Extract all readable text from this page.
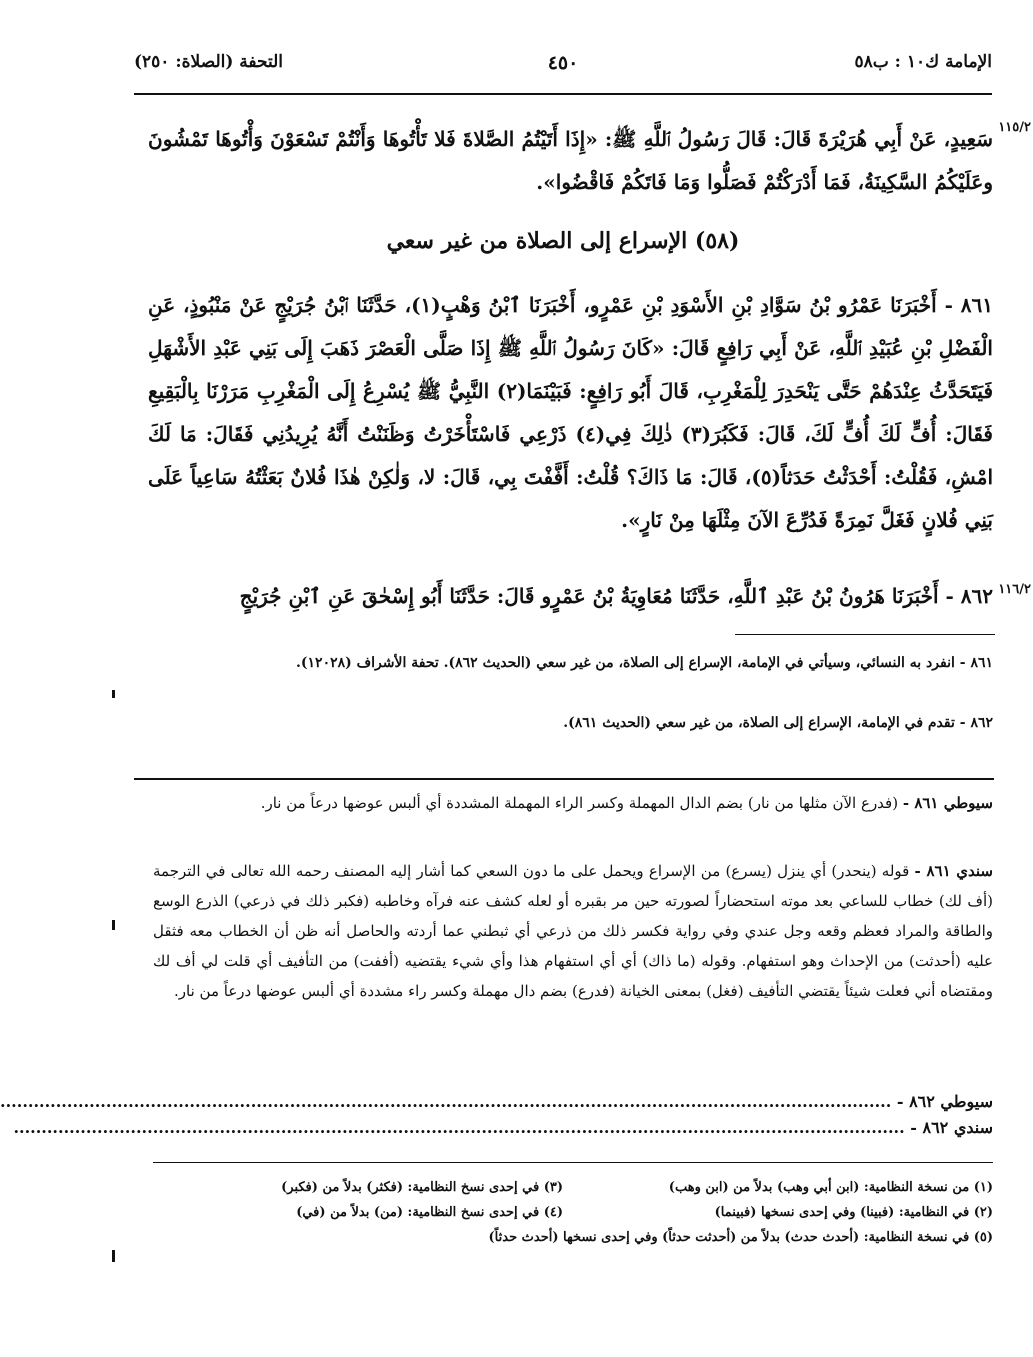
الإمامة ك١٠ : ب٥٨
٤٥٠
التحفة (الصلاة: ٢٥٠)
١١٥/٢
١١٦/٢
سَعِيدٍ، عَنْ أَبِي هُرَيْرَةَ قَالَ: قَالَ رَسُولُ ٱللَّهِ ﷺ: «إِذَا أَتَيْتُمُ الصَّلاةَ فَلا تَأْتُوهَا وَأَنْتُمْ تَسْعَوْنَ وَأْتُوهَا تَمْشُونَ وعَلَيْكُمُ السَّكِينَةُ، فَمَا أَدْرَكْتُمْ فَصَلُّوا وَمَا فَاتَكُمْ فَاقْضُوا».
(٥٨) الإسراع إلى الصلاة من غير سعي
٨٦١ - أَخْبَرَنَا عَمْرُو بْنُ سَوَّادِ بْنِ الأَسْوَدِ بْنِ عَمْرٍو، أَخْبَرَنَا ٱبْنُ وَهْبٍ(١)، حَدَّثَنَا ٱبْنُ جُرَيْجٍ عَنْ مَنْبُوذٍ، عَنِ الْفَضْلِ بْنِ عُبَيْدِ ٱللَّهِ، عَنْ أَبِي رَافِعٍ قَالَ: «كَانَ رَسُولُ ٱللَّهِ ﷺ إِذَا صَلَّى الْعَصْرَ ذَهَبَ إِلَى بَنِي عَبْدِ الأَشْهَلِ فَيَتَحَدَّثُ عِنْدَهُمْ حَتَّى يَنْحَدِرَ لِلْمَغْرِبِ، قَالَ أَبُو رَافِعٍ: فَبَيْنَمَا(٢) النَّبِيُّ ﷺ يُسْرِعُ إِلَى الْمَغْرِبِ مَرَرْنَا بِالْبَقِيعِ فَقَالَ: أُفٍّ لَكَ أُفٍّ لَكَ، قَالَ: فَكَبُرَ(٣) ذٰلِكَ فِي(٤) ذَرْعِي فَاسْتَأْخَرْتُ وَظَنَنْتُ أَنَّهُ يُرِيدُنِي فَقَالَ: مَا لَكَ امْشِ، فَقُلْتُ: أَحْدَثْتُ حَدَثاً(٥)، قَالَ: مَا ذَاكَ؟ قُلْتُ: أَفَّفْتَ بِي، قَالَ: لا، وَلٰكِنْ هٰذَا فُلانٌ بَعَثْتُهُ سَاعِياً عَلَى بَنِي فُلانٍ فَغَلَّ نَمِرَةً فَدُرِّعَ الآنَ مِثْلَهَا مِنْ نَارٍ».
٨٦٢ - أَخْبَرَنَا هَرُونُ بْنُ عَبْدِ ٱللَّهِ، حَدَّثَنَا مُعَاوِيَةُ بْنُ عَمْرٍو قَالَ: حَدَّثَنَا أَبُو إِسْحٰقَ عَنِ ٱبْنِ جُرَيْجٍ
٨٦١ - انفرد به النسائي، وسيأتي في الإمامة، الإسراع إلى الصلاة، من غير سعي (الحديث ٨٦٢). تحفة الأشراف (١٢٠٢٨).
٨٦٢ - تقدم في الإمامة، الإسراع إلى الصلاة، من غير سعي (الحديث ٨٦١).
سيوطي ٨٦١ - (فدرع الآن مثلها من نار) بضم الدال المهملة وكسر الراء المهملة المشددة أي ألبس عوضها درعاً من نار.
سندي ٨٦١ - قوله (ينحدر) أي ينزل (يسرع) من الإسراع ويحمل على ما دون السعي كما أشار إليه المصنف رحمه الله تعالى في الترجمة (أف لك) خطاب للساعي بعد موته استحضاراً لصورته حين مر بقبره أو لعله كشف عنه فرآه وخاطبه (فكبر ذلك في ذرعي) الذرع الوسع والطاقة والمراد فعظم وقعه وجل عندي وفي رواية فكسر ذلك من ذرعي أي ثبطني عما أردته والحاصل أنه ظن أن الخطاب معه فثقل عليه (أحدثت) من الإحداث وهو استفهام. وقوله (ما ذاك) أي أي استفهام هذا وأي شيء يقتضيه (أففت) من التأفيف أي قلت لي أف لك ومقتضاه أني فعلت شيئاً يقتضي التأفيف (فغل) بمعنى الخيانة (فدرع) بضم دال مهملة وكسر راء مشددة أي ألبس عوضها درعاً من نار.
سيوطي ٨٦٢ - ................................................................................................................................................................
سندي ٨٦٢ - ................................................................................................................................................................
(١) من نسخة النظامية: (ابن أبي وهب) بدلاً من (ابن وهب)
(٣) في إحدى نسخ النظامية: (فكثر) بدلاً من (فكبر)
(٢) في النظامية: (فبينا) وفي إحدى نسخها (فبينما)
(٤) في إحدى نسخ النظامية: (من) بدلاً من (في)
(٥) في نسخة النظامية: (أحدث حدث) بدلاً من (أحدثت حدثاً) وفي إحدى نسخها (أحدث حدثاً)
